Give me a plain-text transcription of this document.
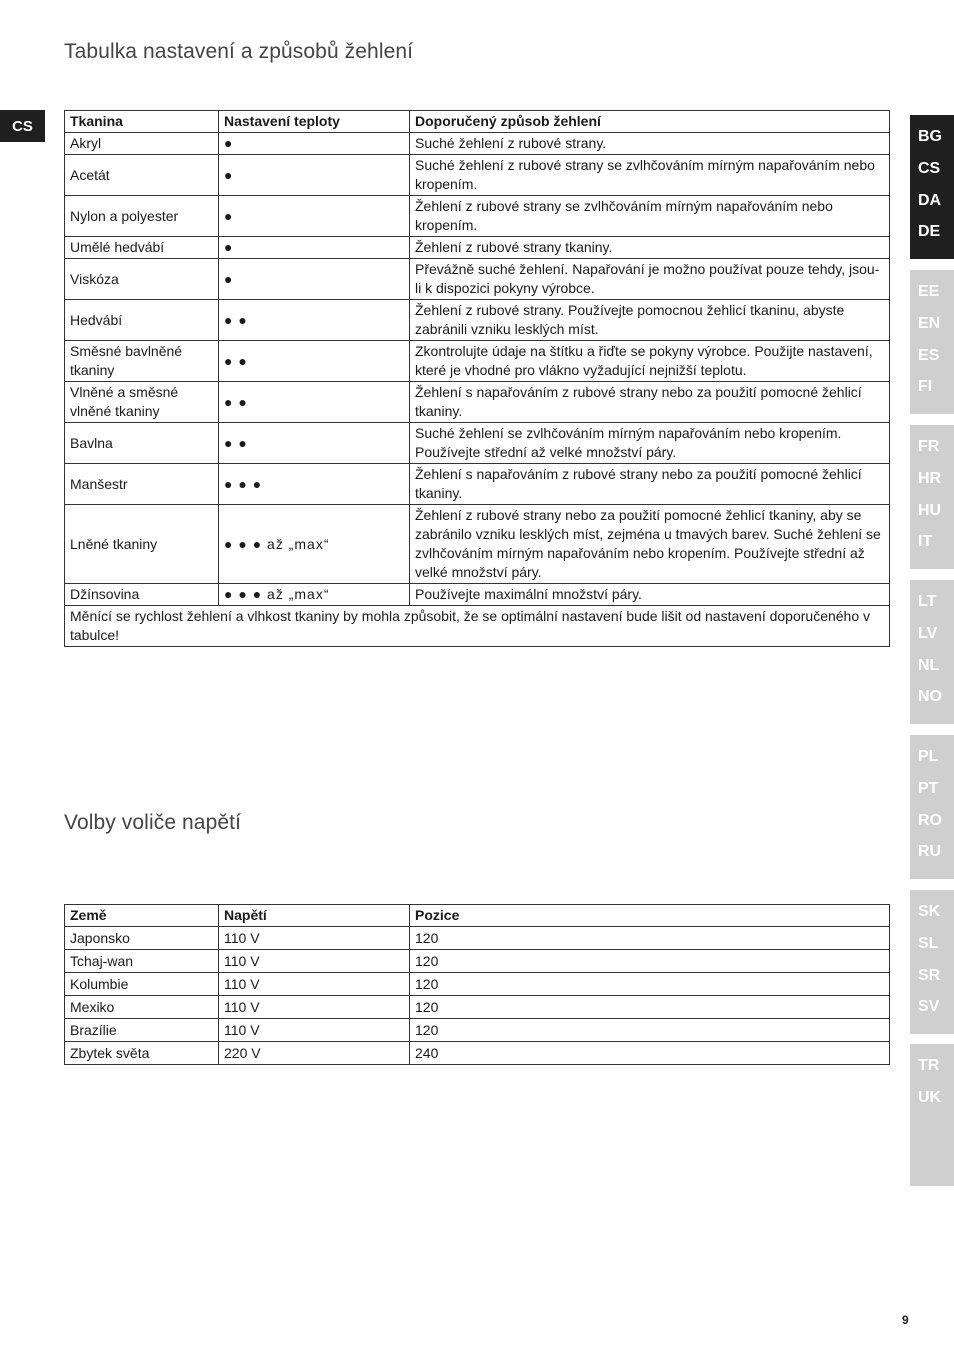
CS
Tabulka nastavení a způsobů žehlení
Tkanina	Nastavení teploty	Doporučený způsob žehlení
Akryl	●	Suché žehlení z rubové strany.
Acetát	●	Suché žehlení z rubové strany se zvlhčováním mírným napařováním nebo kropením.
Nylon a polyester	●	Žehlení z rubové strany se zvlhčováním mírným napařováním nebo kropením.
Umělé hedvábí	●	Žehlení z rubové strany tkaniny.
Viskóza	●	Převážně suché žehlení. Napařování je možno používat pouze tehdy, jsou-li k dispozici pokyny výrobce.
Hedvábí	● ●	Žehlení z rubové strany. Používejte pomocnou žehlicí tkaninu, abyste zabránili vzniku lesklých míst.
Směsné bavlněné tkaniny	● ●	Zkontrolujte údaje na štítku a řiďte se pokyny výrobce. Použijte nastavení, které je vhodné pro vlákno vyžadující nejnižší teplotu.
Vlněné a směsné vlněné tkaniny	● ●	Žehlení s napařováním z rubové strany nebo za použití pomocné žehlicí tkaniny.
Bavlna	● ●	Suché žehlení se zvlhčováním mírným napařováním nebo kropením. Používejte střední až velké množství páry.
Manšestr	● ● ●	Žehlení s napařováním z rubové strany nebo za použití pomocné žehlicí tkaniny.
Lněné tkaniny	● ● ● až „max“	Žehlení z rubové strany nebo za použití pomocné žehlicí tkaniny, aby se zabránilo vzniku lesklých míst, zejména u tmavých barev. Suché žehlení se zvlhčováním mírným napařováním nebo kropením. Používejte střední až velké množství páry.
Džínsovina	● ● ● až „max“	Používejte maximální množství páry.
Měnící se rychlost žehlení a vlhkost tkaniny by mohla způsobit, že se optimální nastavení bude lišit od nastavení doporučeného v tabulce!		
Volby voliče napětí
Země	Napětí	Pozice
Japonsko	110 V	120
Tchaj-wan	110 V	120
Kolumbie	110 V	120
Mexiko	110 V	120
Brazílie	110 V	120
Zbytek světa	220 V	240
BG
CS
DA
DE
EE
EN
ES
FI
FR
HR
HU
IT
LT
LV
NL
NO
PL
PT
RO
RU
SK
SL
SR
SV
TR
UK
9
